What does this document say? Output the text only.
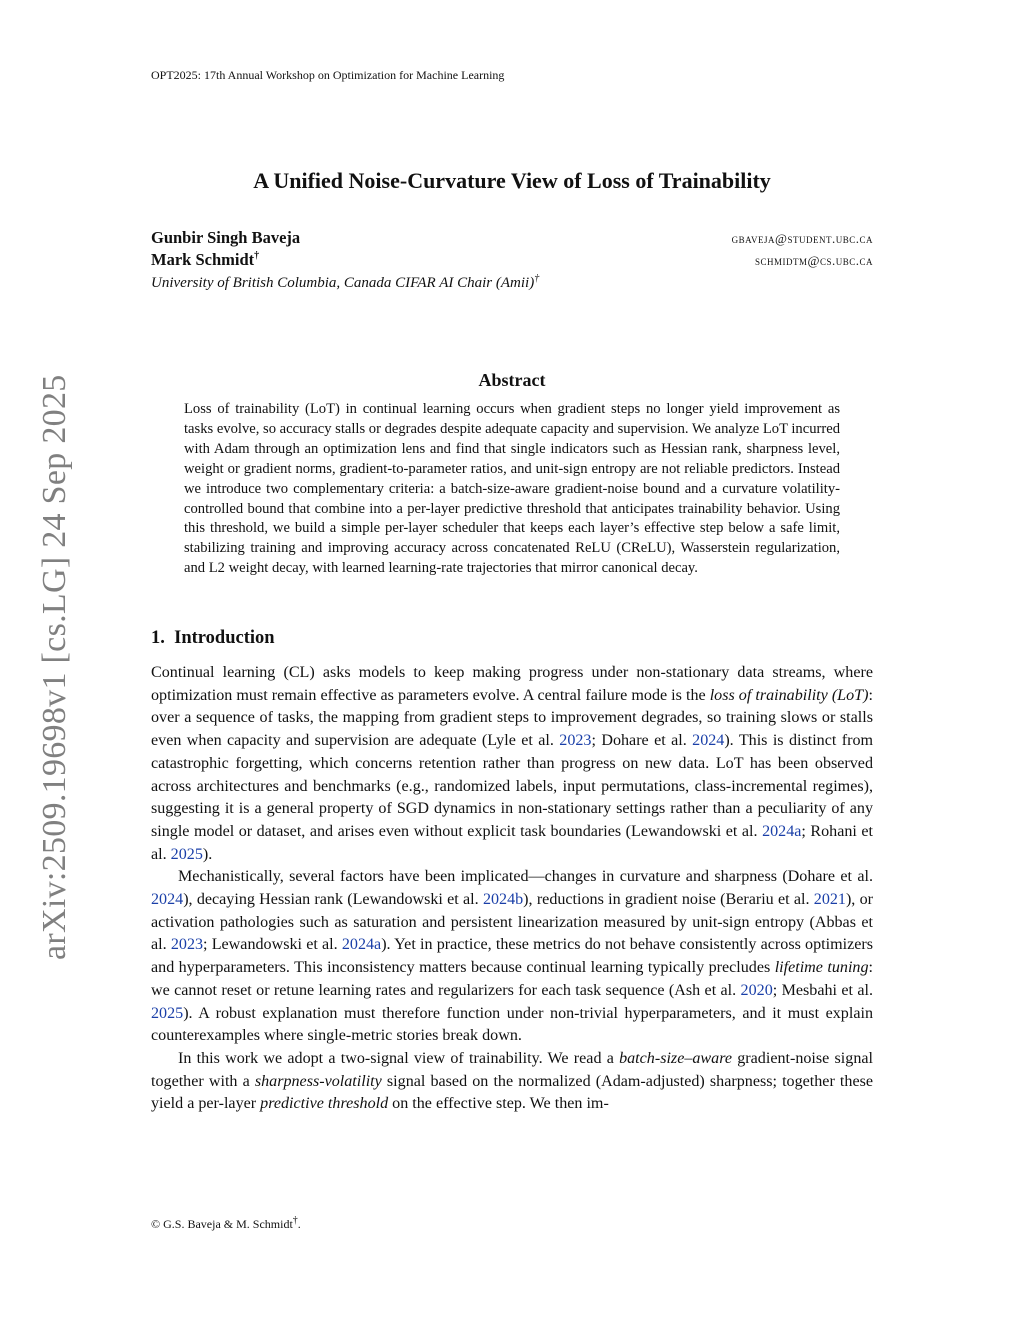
OPT2025: 17th Annual Workshop on Optimization for Machine Learning
arXiv:2509.19698v1 [cs.LG] 24 Sep 2025
A Unified Noise-Curvature View of Loss of Trainability
Gunbir Singh Baveja	gbaveja@student.ubc.ca
Mark Schmidt†	schmidtm@cs.ubc.ca
University of British Columbia, Canada CIFAR AI Chair (Amii)†
Abstract
Loss of trainability (LoT) in continual learning occurs when gradient steps no longer yield improvement as tasks evolve, so accuracy stalls or degrades despite adequate capacity and supervision. We analyze LoT incurred with Adam through an optimization lens and find that single indicators such as Hessian rank, sharpness level, weight or gradient norms, gradient-to-parameter ratios, and unit-sign entropy are not reliable predictors. Instead we introduce two complementary criteria: a batch-size-aware gradient-noise bound and a curvature volatility-controlled bound that combine into a per-layer predictive threshold that anticipates trainability behavior. Using this threshold, we build a simple per-layer scheduler that keeps each layer’s effective step below a safe limit, stabilizing training and improving accuracy across concatenated ReLU (CReLU), Wasserstein regularization, and L2 weight decay, with learned learning-rate trajectories that mirror canonical decay.
1. Introduction

Continual learning (CL) asks models to keep making progress under non-stationary data streams, where optimization must remain effective as parameters evolve. A central failure mode is the loss of trainability (LoT): over a sequence of tasks, the mapping from gradient steps to improvement degrades, so training slows or stalls even when capacity and supervision are adequate (Lyle et al. 2023; Dohare et al. 2024). This is distinct from catastrophic forgetting, which concerns retention rather than progress on new data. LoT has been observed across architectures and benchmarks (e.g., randomized labels, input permutations, class-incremental regimes), suggesting it is a general property of SGD dynamics in non-stationary settings rather than a peculiarity of any single model or dataset, and arises even without explicit task boundaries (Lewandowski et al. 2024a; Rohani et al. 2025).

Mechanistically, several factors have been implicated—changes in curvature and sharpness (Dohare et al. 2024), decaying Hessian rank (Lewandowski et al. 2024b), reductions in gradient noise (Berariu et al. 2021), or activation pathologies such as saturation and persistent linearization measured by unit-sign entropy (Abbas et al. 2023; Lewandowski et al. 2024a). Yet in practice, these metrics do not behave consistently across optimizers and hyperparameters. This inconsistency matters because continual learning typically precludes lifetime tuning: we cannot reset or retune learning rates and regularizers for each task sequence (Ash et al. 2020; Mesbahi et al. 2025). A robust explanation must therefore function under non-trivial hyperparameters, and it must explain counterexamples where single-metric stories break down.

In this work we adopt a two-signal view of trainability. We read a batch-size–aware gradient-noise signal together with a sharpness-volatility signal based on the normalized (Adam-adjusted) sharpness; together these yield a per-layer predictive threshold on the effective step. We then im-

© G.S. Baveja & M. Schmidt†.
